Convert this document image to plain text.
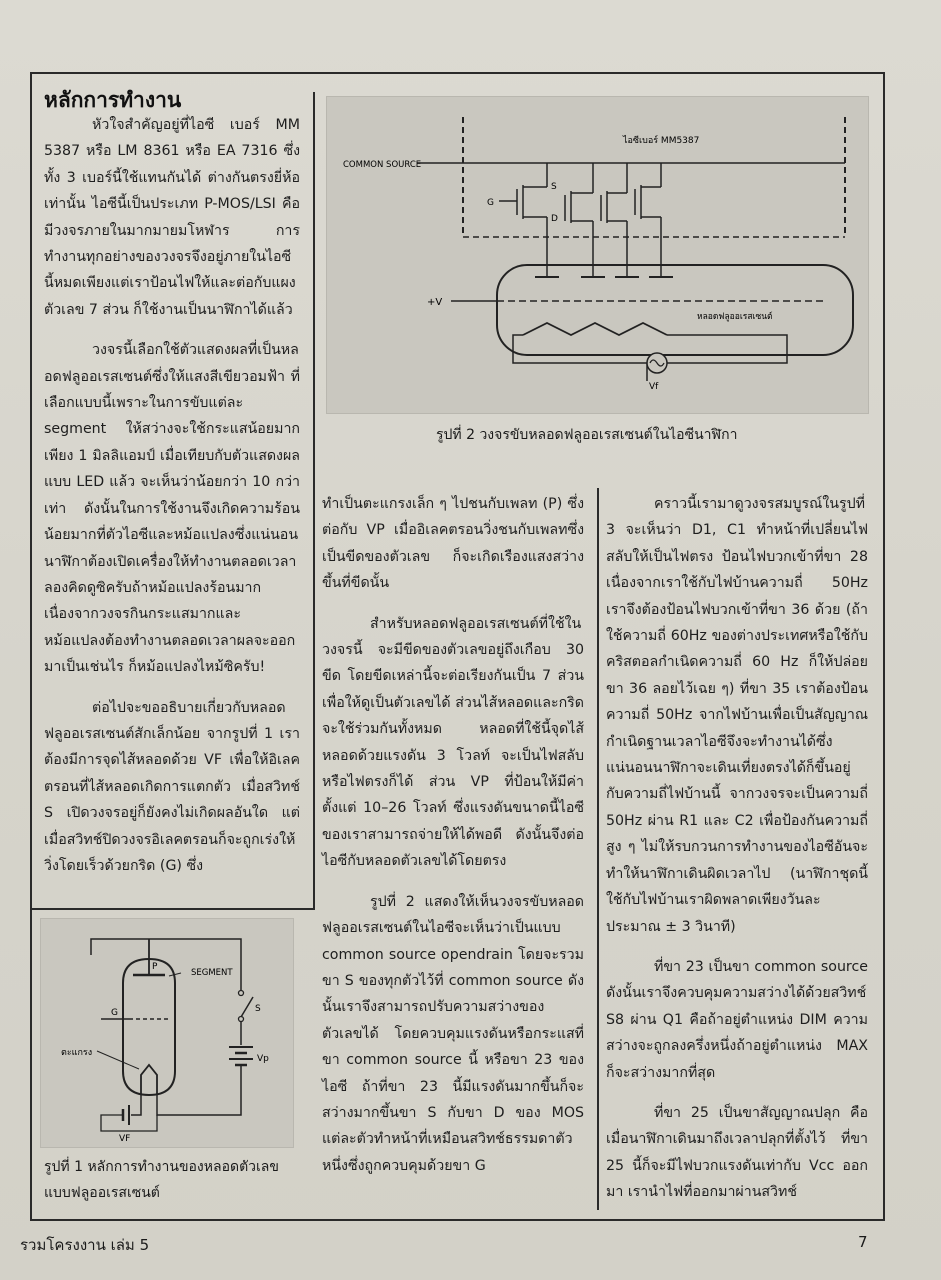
หลักการทำงาน

หัวใจสำคัญอยู่ที่ไอซี เบอร์ MM 5387 หรือ LM 8361 หรือ EA 7316 ซึ่งทั้ง 3 เบอร์นี้ใช้แทนกันได้ ต่างกันตรงยี่ห้อเท่านั้น ไอซีนี้เป็นประเภท P-MOS/LSI คือมีวงจรภายในมากมายมโหฬาร การทำงานทุกอย่างของวงจรจึงอยู่ภายในไอซีนี้หมดเพียงแต่เราป้อนไฟให้และต่อกับแผงตัวเลข 7 ส่วน ก็ใช้งานเป็นนาฬิกาได้แล้ว

วงจรนี้เลือกใช้ตัวแสดงผลที่เป็นหลอดฟลูออเรสเซนต์ซึ่งให้แสงสีเขียวอมฟ้า ที่เลือกแบบนี้เพราะในการขับแต่ละ segment ให้สว่างจะใช้กระแสน้อยมากเพียง 1 มิลลิแอมป์ เมื่อเทียบกับตัวแสดงผลแบบ LED แล้ว จะเห็นว่าน้อยกว่า 10 กว่าเท่า ดังนั้นในการใช้งานจึงเกิดความร้อนน้อยมากที่ตัวไอซีและหม้อแปลงซึ่งแน่นอนนาฬิกาต้องเปิดเครื่องให้ทำงานตลอดเวลา ลองคิดดูซิครับถ้าหม้อแปลงร้อนมากเนื่องจากวงจรกินกระแสมากและหม้อแปลงต้องทำงานตลอดเวลาผลจะออกมาเป็นเช่นไร ก็หม้อแปลงไหม้ซิครับ!

ต่อไปจะขออธิบายเกี่ยวกับหลอดฟลูออเรสเซนต์สักเล็กน้อย จากรูปที่ 1 เราต้องมีการจุดไส้หลอดด้วย VF เพื่อให้อิเลคตรอนที่ไส้หลอดเกิดการแตกตัว เมื่อสวิทช์ S เปิดวงจรอยู่ก็ยังคงไม่เกิดผลอันใด แต่เมื่อสวิทช์ปิดวงจรอิเลคตรอนก็จะถูกเร่งให้วิ่งโดยเร็วด้วยกริด (G) ซึ่ง

P
SEGMENT
G
ตะแกรง
S
Vp
VF
รูปที่ 1 หลักการทำงานของหลอดตัวเลขแบบฟลูออเรสเซนต์
ไอซีเบอร์ MM5387
COMMON SOURCE
G
S
D
+V
หลอดฟลูออเรสเซนต์
Vf
รูปที่ 2 วงจรขับหลอดฟลูออเรสเซนต์ในไอซีนาฬิกา

ทำเป็นตะแกรงเล็ก ๆ ไปชนกับเพลท (P) ซึ่งต่อกับ VP เมื่ออิเลคตรอนวิ่งชนกับเพลทซึ่งเป็นขีดของตัวเลข ก็จะเกิดเรืองแสงสว่างขึ้นที่ขีดนั้น

สำหรับหลอดฟลูออเรสเซนต์ที่ใช้ในวงจรนี้ จะมีขีดของตัวเลขอยู่ถึงเกือบ 30 ขีด โดยขีดเหล่านี้จะต่อเรียงกันเป็น 7 ส่วน เพื่อให้ดูเป็นตัวเลขได้ ส่วนไส้หลอดและกริดจะใช้ร่วมกันทั้งหมด หลอดที่ใช้นี้จุดไส้หลอดด้วยแรงดัน 3 โวลท์ จะเป็นไฟสลับหรือไฟตรงก็ได้ ส่วน VP ที่ป้อนให้มีค่าตั้งแต่ 10–26 โวลท์ ซึ่งแรงดันขนาดนี้ไอซีของเราสามารถจ่ายให้ได้พอดี ดังนั้นจึงต่อไอซีกับหลอดตัวเลขได้โดยตรง

รูปที่ 2 แสดงให้เห็นวงจรขับหลอดฟลูออเรสเซนต์ในไอซีจะเห็นว่าเป็นแบบ common source opendrain โดยจะรวมขา S ของทุกตัวไว้ที่ common source ดังนั้นเราจึงสามารถปรับความสว่างของตัวเลขได้ โดยควบคุมแรงดันหรือกระแสที่ขา common source นี้ หรือขา 23 ของไอซี ถ้าที่ขา 23 นี้มีแรงดันมากขึ้นก็จะสว่างมากขึ้นขา S กับขา D ของ MOS แต่ละตัวทำหน้าที่เหมือนสวิทช์ธรรมดาตัวหนึ่งซึ่งถูกควบคุมด้วยขา G

คราวนี้เรามาดูวงจรสมบูรณ์ในรูปที่ 3 จะเห็นว่า D1, C1 ทำหน้าที่เปลี่ยนไฟสลับให้เป็นไฟตรง ป้อนไฟบวกเข้าที่ขา 28 เนื่องจากเราใช้กับไฟบ้านความถี่ 50Hz เราจึงต้องป้อนไฟบวกเข้าที่ขา 36 ด้วย (ถ้าใช้ความถี่ 60Hz ของต่างประเทศหรือใช้กับคริสตอลกำเนิดความถี่ 60 Hz ก็ให้ปล่อยขา 36 ลอยไว้เฉย ๆ) ที่ขา 35 เราต้องป้อนความถี่ 50Hz จากไฟบ้านเพื่อเป็นสัญญาณกำเนิดฐานเวลาไอซีจึงจะทำงานได้ซึ่งแน่นอนนาฬิกาจะเดินเที่ยงตรงได้ก็ขึ้นอยู่กับความถี่ไฟบ้านนี้ จากวงจรจะเป็นความถี่ 50Hz ผ่าน R1 และ C2 เพื่อป้องกันความถี่สูง ๆ ไม่ให้รบกวนการทำงานของไอซีอันจะทำให้นาฬิกาเดินผิดเวลาไป (นาฬิกาชุดนี้ใช้กับไฟบ้านเราผิดพลาดเพียงวันละประมาณ ± 3 วินาที)

ที่ขา 23 เป็นขา common source ดังนั้นเราจึงควบคุมความสว่างได้ด้วยสวิทช์ S8 ผ่าน Q1 คือถ้าอยู่ตำแหน่ง DIM ความสว่างจะถูกลงครึ่งหนึ่งถ้าอยู่ตำแหน่ง MAX ก็จะสว่างมากที่สุด

ที่ขา 25 เป็นขาสัญญาณปลุก คือเมื่อนาฬิกาเดินมาถึงเวลาปลุกที่ตั้งไว้ ที่ขา 25 นี้ก็จะมีไฟบวกแรงดันเท่ากับ Vcc ออกมา เรานำไฟที่ออกมาผ่านสวิทช์

รวมโครงงาน เล่ม 5	7
